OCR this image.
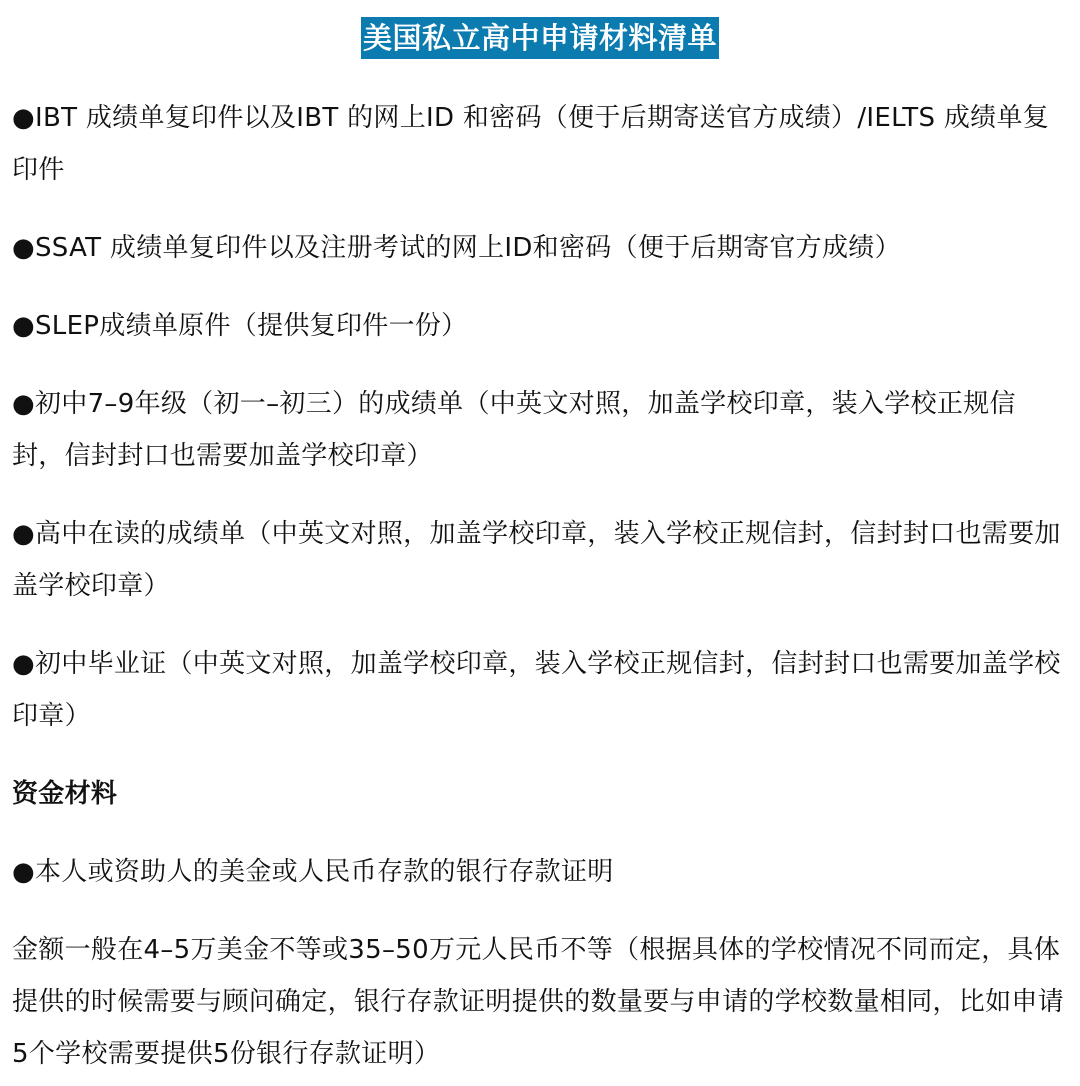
美国私立高中申请材料清单

●IBT 成绩单复印件以及IBT 的网上ID 和密码（便于后期寄送官方成绩）/IELTS 成绩单复印件

●SSAT 成绩单复印件以及注册考试的网上ID和密码（便于后期寄官方成绩）

●SLEP成绩单原件（提供复印件一份）

●初中7–9年级（初一–初三）的成绩单（中英文对照，加盖学校印章，装入学校正规信封，信封封口也需要加盖学校印章）

●高中在读的成绩单（中英文对照，加盖学校印章，装入学校正规信封，信封封口也需要加盖学校印章）

●初中毕业证（中英文对照，加盖学校印章，装入学校正规信封，信封封口也需要加盖学校印章）

资金材料

●本人或资助人的美金或人民币存款的银行存款证明

金额一般在4–5万美金不等或35–50万元人民币不等（根据具体的学校情况不同而定，具体提供的时候需要与顾问确定，银行存款证明提供的数量要与申请的学校数量相同，比如申请5个学校需要提供5份银行存款证明）
